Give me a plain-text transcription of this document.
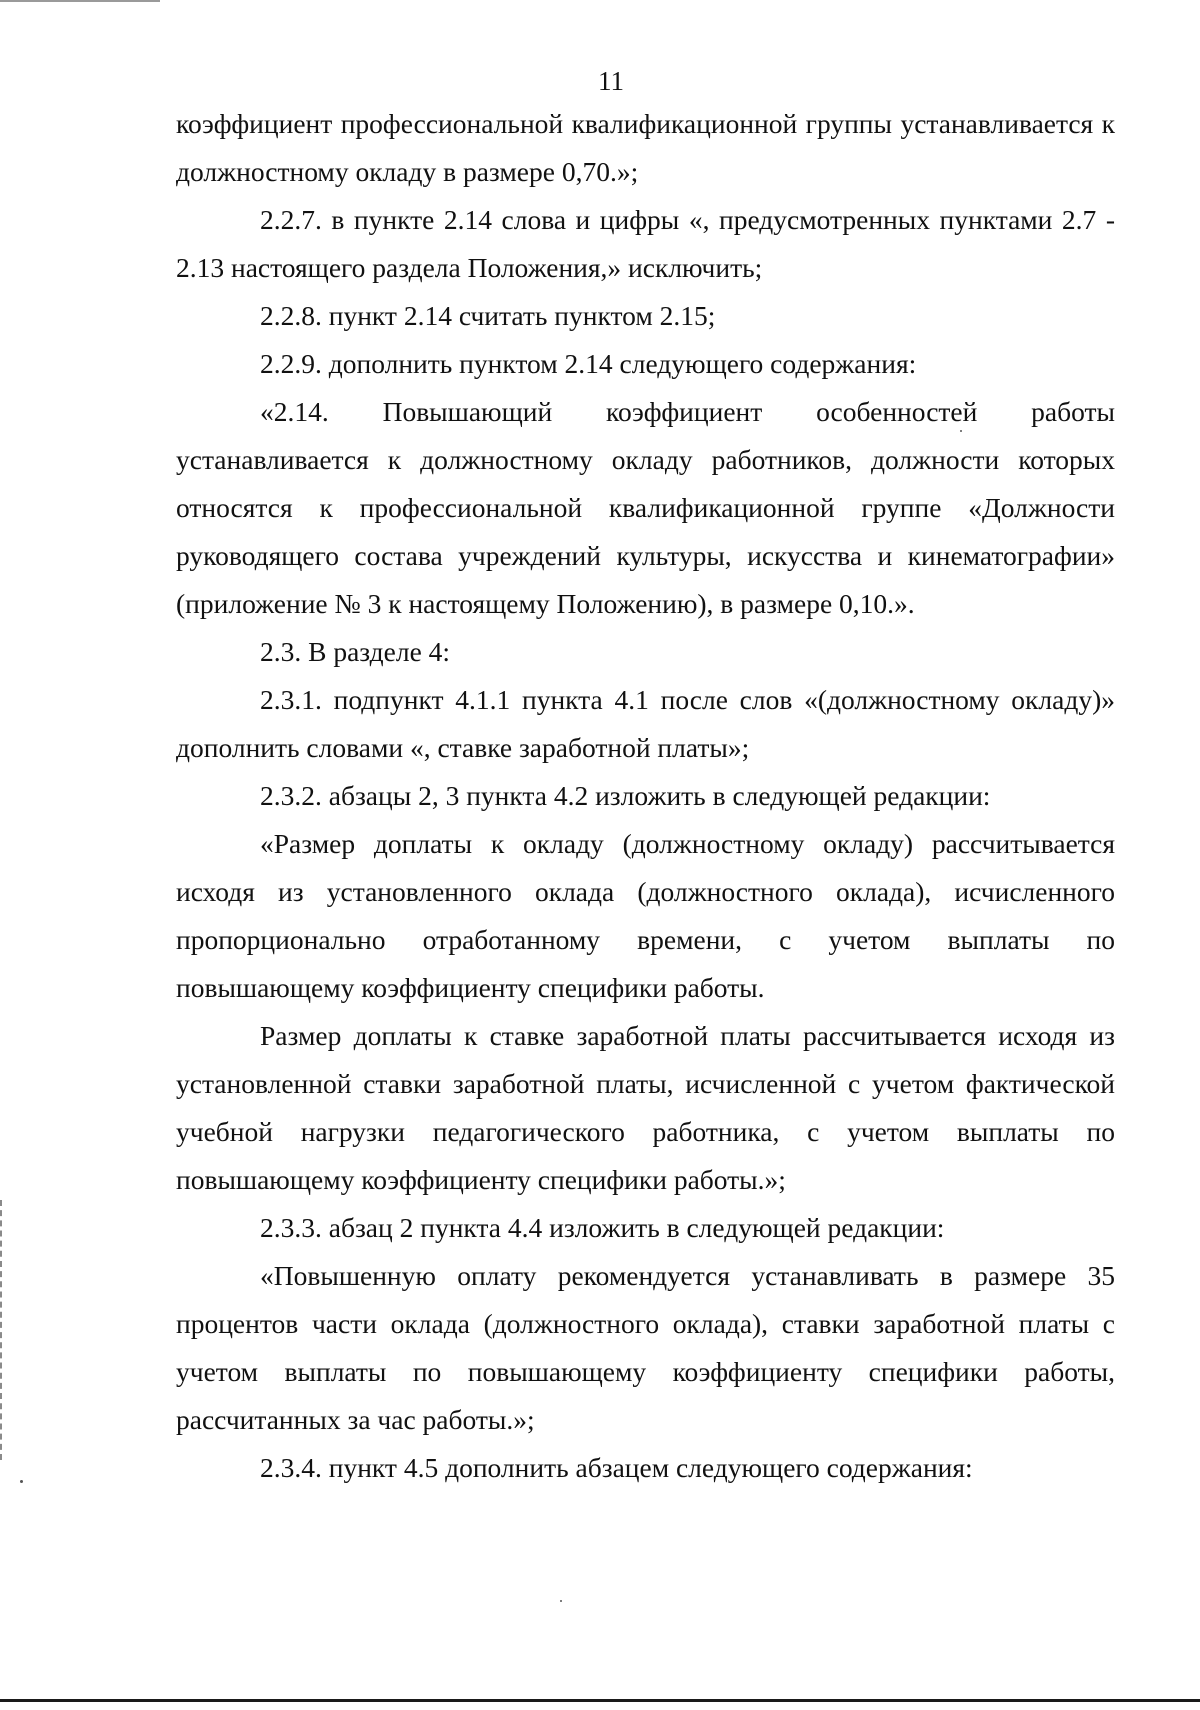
11

коэффициент профессиональной квалификационной группы устанавливается к должностному окладу в размере 0,70.»;

2.2.7. в пункте 2.14 слова и цифры «, предусмотренных пунктами 2.7 - 2.13 настоящего раздела Положения,» исключить;

2.2.8. пункт 2.14 считать пунктом 2.15;

2.2.9. дополнить пунктом 2.14 следующего содержания:

«2.14. Повышающий коэффициент особенностей работы устанавливается к должностному окладу работников, должности которых относятся к профессиональной квалификационной группе «Должности руководящего состава учреждений культуры, искусства и кинематографии» (приложение № 3 к настоящему Положению), в размере 0,10.».

2.3. В разделе 4:

2.3.1. подпункт 4.1.1 пункта 4.1 после слов «(должностному окладу)» дополнить словами «, ставке заработной платы»;

2.3.2. абзацы 2, 3 пункта 4.2 изложить в следующей редакции:

«Размер доплаты к окладу (должностному окладу) рассчитывается исходя из установленного оклада (должностного оклада), исчисленного пропорционально отработанному времени, с учетом выплаты по повышающему коэффициенту специфики работы.

Размер доплаты к ставке заработной платы рассчитывается исходя из установленной ставки заработной платы, исчисленной с учетом фактической учебной нагрузки педагогического работника, с учетом выплаты по повышающему коэффициенту специфики работы.»;

2.3.3. абзац 2 пункта 4.4 изложить в следующей редакции:

«Повышенную оплату рекомендуется устанавливать в размере 35 процентов части оклада (должностного оклада), ставки заработной платы с учетом выплаты по повышающему коэффициенту специфики работы, рассчитанных за час работы.»;

2.3.4. пункт 4.5 дополнить абзацем следующего содержания:
